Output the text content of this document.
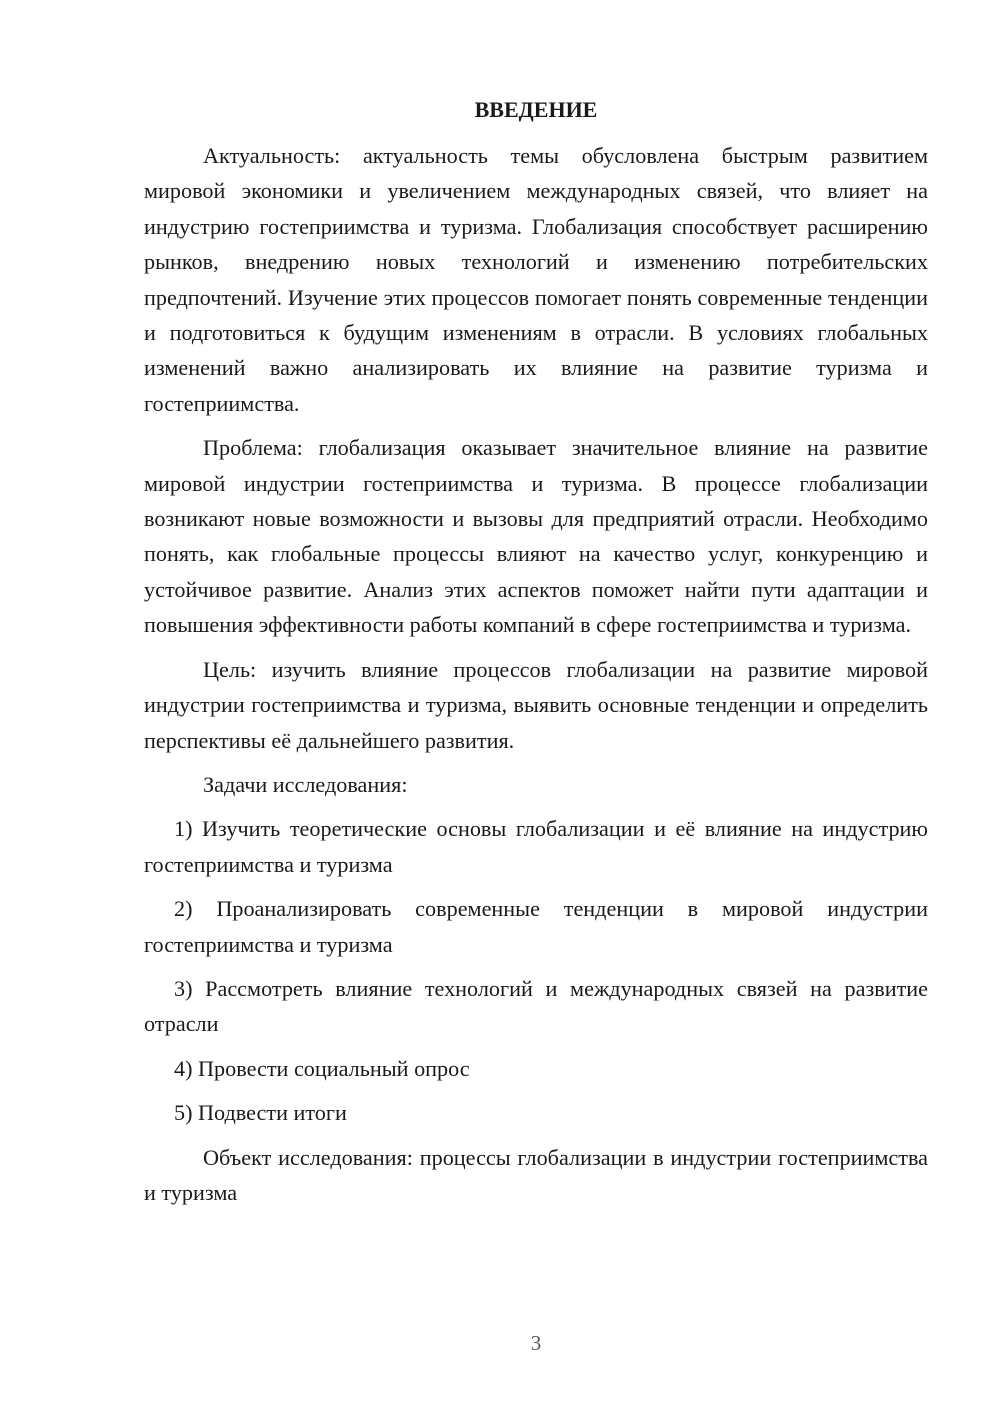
ВВЕДЕНИЕ

Актуальность: актуальность темы обусловлена быстрым развитием мировой экономики и увеличением международных связей, что влияет на индустрию гостеприимства и туризма. Глобализация способствует расширению рынков, внедрению новых технологий и изменению потребительских предпочтений. Изучение этих процессов помогает понять современные тенденции и подготовиться к будущим изменениям в отрасли. В условиях глобальных изменений важно анализировать их влияние на развитие туризма и гостеприимства.

Проблема: глобализация оказывает значительное влияние на развитие мировой индустрии гостеприимства и туризма. В процессе глобализации возникают новые возможности и вызовы для предприятий отрасли. Необходимо понять, как глобальные процессы влияют на качество услуг, конкуренцию и устойчивое развитие. Анализ этих аспектов поможет найти пути адаптации и повышения эффективности работы компаний в сфере гостеприимства и туризма.

Цель: изучить влияние процессов глобализации на развитие мировой индустрии гостеприимства и туризма, выявить основные тенденции и определить перспективы её дальнейшего развития.

Задачи исследования:

1) Изучить теоретические основы глобализации и её влияние на индустрию гостеприимства и туризма

2) Проанализировать современные тенденции в мировой индустрии гостеприимства и туризма

3) Рассмотреть влияние технологий и международных связей на развитие отрасли

4) Провести социальный опрос

5) Подвести итоги

Объект исследования: процессы глобализации в индустрии гостеприимства и туризма

3
